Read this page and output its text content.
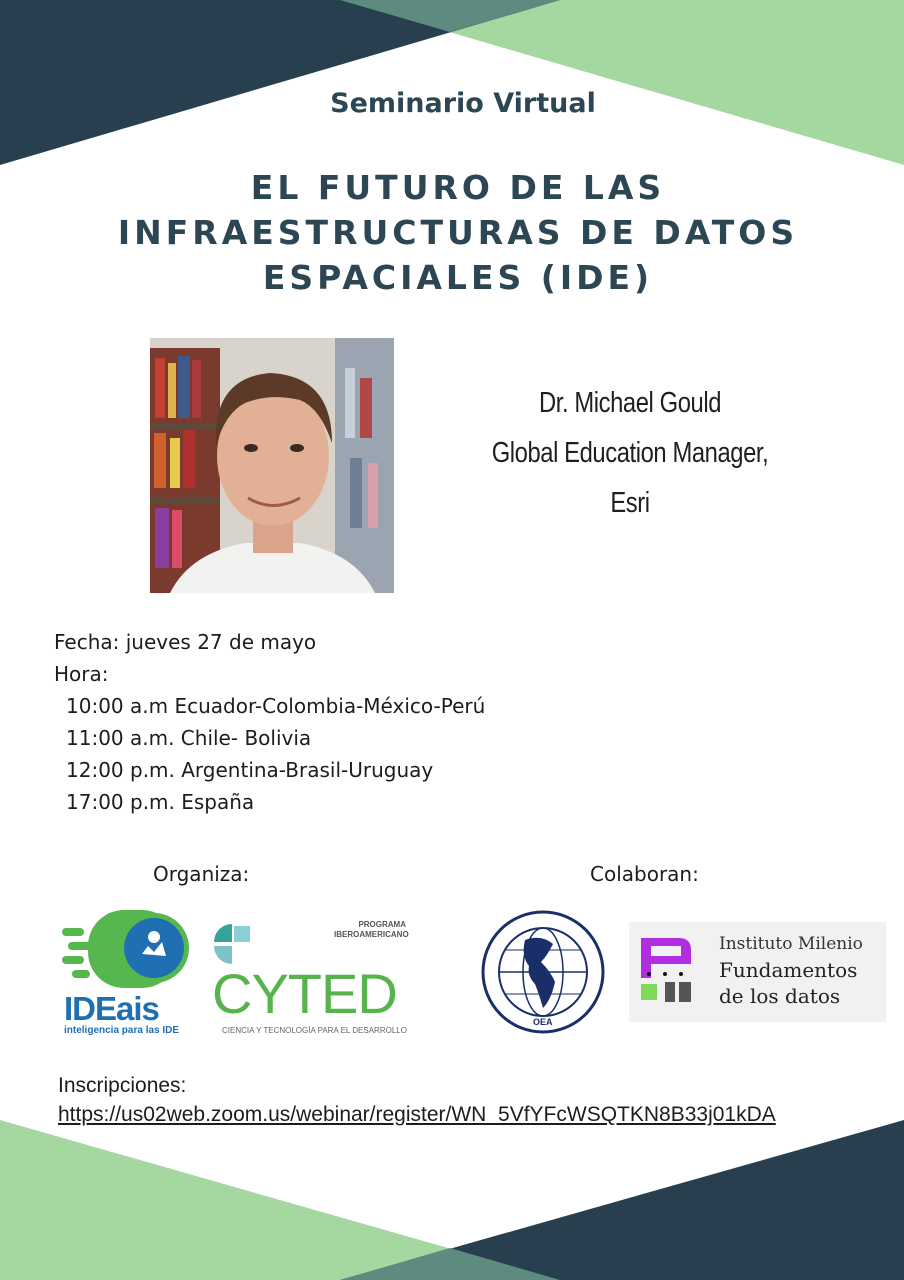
Seminario Virtual
EL FUTURO DE LAS
INFRAESTRUCTURAS DE DATOS
ESPACIALES (IDE)
Dr. Michael Gould
Global Education Manager, Esri
Fecha: jueves 27 de mayo
Hora:
10:00 a.m Ecuador-Colombia-México-Perú
11:00 a.m. Chile- Bolivia
12:00 p.m. Argentina-Brasil-Uruguay
17:00 p.m. España
Organiza:	Colaboran:
IDEais
inteligencia para las IDE
PROGRAMA
IBEROAMERICANO
CYTED
CIENCIA Y TECNOLOGÍA PARA EL DESARROLLO
OEA
Instituto Milenio
Fundamentos
de los datos
Inscripciones:
https://us02web.zoom.us/webinar/register/WN_5VfYFcWSQTKN8B33j01kDA
